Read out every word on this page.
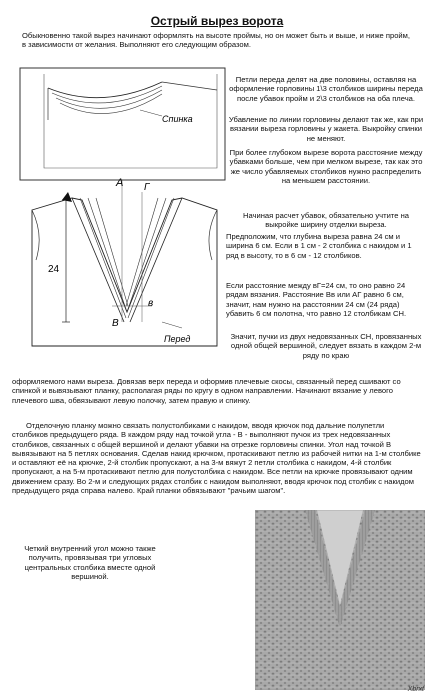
Острый вырез ворота

Обыкновенно такой вырез начинают оформлять на высоте проймы, но он может быть и выше, и ниже пройм, в зависимости от желания. Выполняют его следующим образом.

Спинка
А Г
24
в
В
Перед

Петли переда делят на две половины, оставляя на оформление горловины 1\3 столбиков ширины переда после убавок пройм и 2\3 столбиков на оба плеча.

Убавление по линии горловины делают так же, как при вязании выреза горловины у жакета. Выкройку спинки не меняют.

При более глубоком вырезе ворота расстояние между убавками больше, чем при мелком вырезе, так как это же число убавляемых столбиков нужно распределить на меньшем расстоянии.

Начиная расчет убавок, обязательно учтите на выкройке ширину отделки выреза.

Предположим, что глубина выреза равна 24 см и ширина 6 см. Если в 1 см - 2 столбика с накидом и 1 ряд в высоту, то в 6 см - 12 столбиков.

Если расстояние между вГ=24 см, то оно равно 24 рядам вязания. Расстояние Вв или АГ равно 6 см, значит, нам нужно на расстоянии 24 см (24 ряда) убавить 6 см полотна, что равно 12 столбикам СН.

Значит, пучки из двух недовязанных СН, провязанных одной общей вершиной, следует вязать в каждом 2-м ряду по краю

оформляемого нами выреза. Довязав верх переда и оформив плечевые скосы, связанный перед сшивают со спинкой и вывязывают планку, располагая ряды по кругу в одном направлении. Начинают вязание у левого плечевого шва, обвязывают левую полочку, затем правую и спинку.

Отделочную планку можно связать полустолбиками с накидом, вводя крючок под дальние полупетли столбиков предыдущего ряда. В каждом ряду над точкой угла - В - выполняют пучок из трех недовязанных столбиков, связанных с общей вершиной и делают убавки на отрезке горловины спинки. Угол над точкой В вывязывают на 5 петлях основания. Сделав накид крючком, протаскивают петлю из рабочей нитки на 1-м столбике и оставляют её на крючке, 2-й столбик пропускают, а на 3-м вяжут 2 петли столбика с накидом, 4-й столбик пропускают, а на 5-м протаскивают петлю для полустолбика с накидом. Все петли на крючке провязывают одним движением сразу. Во 2-м и следующих рядах столбик с накидом выполняют, вводя крючок под столбик с накидом предыдущего ряда справа налево. Край планки обвязывают "рачьим шагом".

Четкий внутренний угол можно также получить, провязывая три угловых центральных столбика вместе одной вершиной.

Xbrxt
